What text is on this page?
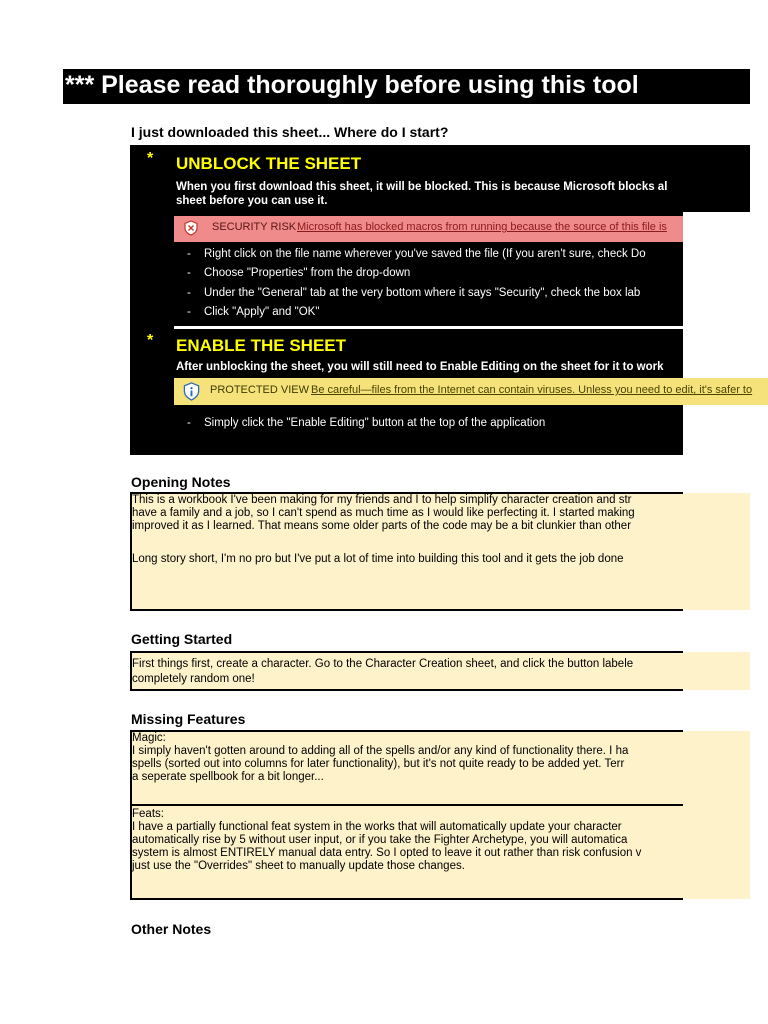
*** Please read thoroughly before using this tool
I just downloaded this sheet... Where do I start?
* UNBLOCK THE SHEET
When you first download this sheet, it will be blocked. This is because Microsoft blocks al
sheet before you can use it.
SECURITY RISK Microsoft has blocked macros from running because the source of this file is
- Right click on the file name wherever you've saved the file (If you aren't sure, check Do
- Choose "Properties" from the drop-down
- Under the "General" tab at the very bottom where it says "Security", check the box lab
- Click "Apply" and "OK"
* ENABLE THE SHEET
After unblocking the sheet, you will still need to Enable Editing on the sheet for it to work
PROTECTED VIEW Be careful—files from the Internet can contain viruses. Unless you need to edit, it's safer to
- Simply click the "Enable Editing" button at the top of the application
Opening Notes
This is a workbook I've been making for my friends and I to help simplify character creation and str
have a family and a job, so I can't spend as much time as I would like perfecting it. I started making
improved it as I learned. That means some older parts of the code may be a bit clunkier than other
Long story short, I'm no pro but I've put a lot of time into building this tool and it gets the job done
Getting Started
First things first, create a character. Go to the Character Creation sheet, and click the button labele
completely random one!
Missing Features
Magic:
I simply haven't gotten around to adding all of the spells and/or any kind of functionality there. I ha
spells (sorted out into columns for later functionality), but it's not quite ready to be added yet. Terr
a seperate spellbook for a bit longer...
Feats:
I have a partially functional feat system in the works that will automatically update your character
automatically rise by 5 without user input, or if you take the Fighter Archetype, you will automatica
system is almost ENTIRELY manual data entry. So I opted to leave it out rather than risk confusion v
just use the "Overrides" sheet to manually update those changes.
Other Notes
